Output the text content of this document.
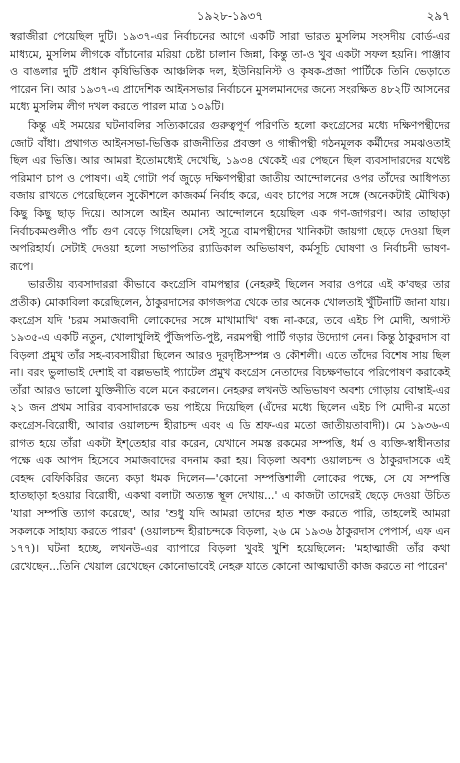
১৯২৮-১৯৩৭	২৯৭

স্বরাজীরা পেয়েছিল দুটি। ১৯৩৭-এর নির্বাচনের আগে একটি সারা ভারত মুসলিম সংসদীয় বোর্ড-এর মাধ্যমে, মুসলিম লীগকে বাঁচানোর মরিয়া চেষ্টা চালান জিন্না, কিন্তু তা-ও খুব একটা সফল হয়নি। পাঞ্জাব ও বাঙলার দুটি প্রধান কৃষিভিত্তিক আঞ্চলিক দল, ইউনিয়নিস্ট ও কৃষক-প্রজা পার্টিকে তিনি ভেড়াতে পারেন নি। আর ১৯৩৭-এ প্রাদেশিক আইনসভার নির্বাচনে মুসলমানদের জন্যে সংরক্ষিত ৪৮২টি আসনের মধ্যে মুসলিম লীগ দখল করতে পারল মাত্র ১০৯টি।

কিন্তু এই সময়ের ঘটনাবলির সত্যিকারের গুরুত্বপূর্ণ পরিণতি হলো কংগ্রেসের মধ্যে দক্ষিণপন্থীদের জোট বাঁধা। প্রথাগত আইনসভা-ভিত্তিক রাজনীতির প্রবক্তা ও গান্ধীপন্থী গঠনমূলক কর্মীদের সমঝওতাই ছিল এর ভিত্তি। আর আমরা ইতোমধ্যেই দেখেছি, ১৯৩৪ থেকেই এর পেছনে ছিল ব্যবসাদারদের যথেষ্ট পরিমাণ চাপ ও পোষণ। এই গোটা পর্ব জুড়ে দক্ষিণপন্থীরা জাতীয় আন্দোলনের ওপর তাঁদের আধিপত্য বজায় রাখতে পেরেছিলেন সুকৌশলে কাজকর্ম নির্বাহ করে, এবং চাপের সঙ্গে সঙ্গে (অনেকটাই মৌখিক) কিছু কিছু ছাড় দিয়ে। আসলে আইন অমান্য আন্দোলনে হয়েছিল এক গণ-জাগরণ। আর তাছাড়া নির্বাচকমণ্ডলীও পাঁচ গুণ বেড়ে গিয়েছিল। সেই সূত্রে বামপন্থীদের খানিকটা জায়গা ছেড়ে দেওয়া ছিল অপরিহার্য। সেটাই দেওয়া হলো সভাপতির র‍্যাডিকাল অভিভাষণ, কর্মসূচি ঘোষণা ও নির্বাচনী ভাষণ-রূপে।

ভারতীয় ব্যবসাদাররা কীভাবে কংগ্রেসি বামপন্থার (নেহরুই ছিলেন সবার ওপরে এই ক'বছর তার প্রতীক) মোকাবিলা করেছিলেন, ঠাকুরদাসের কাগজপত্র থেকে তার অনেক খোলতাই খুঁটিনাটি জানা যায়। কংগ্রেস যদি 'চরম সমাজবাদী লোকেদের সঙ্গে মাখামাখি' বন্ধ না-করে, তবে এইচ পি মোদী, অগাস্ট ১৯৩৫-এ একটি নতুন, খোলাখুলিই পুঁজিপতি-পুষ্ট, নরমপন্থী পার্টি গড়ার উদ্যোগ নেন। কিন্তু ঠাকুরদাস বা বিড়লা প্রমুখ তাঁর সহ-ব্যবসায়ীরা ছিলেন আরও দূরদৃষ্টিসম্পন্ন ও কৌশলী। এতে তাঁদের বিশেষ সায় ছিল না। বরং ভুলাভাই দেশাই বা বল্লভভাই প্যাটেল প্রমুখ কংগ্রেস নেতাদের বিচক্ষণভাবে পরিপোষণ করাকেই তাঁরা আরও ভালো যুক্তিনীতি বলে মনে করলেন। নেহরুর লখনউ অভিভাষণ অবশ্য গোড়ায় বোম্বাই-এর ২১ জন প্রথম সারির ব্যবসাদারকে ভয় পাইয়ে দিয়েছিল (এঁদের মধ্যে ছিলেন এইচ পি মোদী-র মতো কংগ্রেস-বিরোধী, আবার ওয়ালচন্দ হীরাচন্দ এবং এ ডি শ্রফ-এর মতো জাতীয়তাবাদী)। মে ১৯৩৬-এ রাগত হয়ে তাঁরা একটা ইশ্‌তেহার বার করেন, যেখানে সমস্ত রকমের সম্পত্তি, ধর্ম ও ব্যক্তি-স্বাধীনতার পক্ষে এক আপদ হিসেবে সমাজবাদের বদনাম করা হয়। বিড়লা অবশ্য ওয়ালচন্দ ও ঠাকুরদাসকে এই বেহদ্দ বেফিকিরির জন্যে কড়া ধমক দিলেন—'কোনো সম্পত্তিশালী লোকের পক্ষে, সে যে সম্পত্তি হাতছাড়া হওয়ার বিরোধী, একথা বলাটা অত্যন্ত স্থূল দেখায়...' এ কাজটা তাদেরই ছেড়ে দেওয়া উচিত 'যারা সম্পত্তি ত্যাগ করেছে', আর 'শুধু যদি আমরা তাদের হাত শক্ত করতে পারি, তাহলেই আমরা সকলকে সাহায্য করতে পারব' (ওয়ালচন্দ হীরাচন্দকে বিড়লা, ২৬ মে ১৯৩৬ ঠাকুরদাস পেপার্স, এফ এন ১৭৭)। ঘটনা হচ্ছে, লখনউ-এর ব্যাপারে বিড়লা খুবই খুশি হয়েছিলেন: 'মহাত্মাজী তাঁর কথা রেখেছেন...তিনি খেয়াল রেখেছেন কোনোভাবেই নেহরু যাতে কোনো আত্মঘাতী কাজ করতে না পারেন'
